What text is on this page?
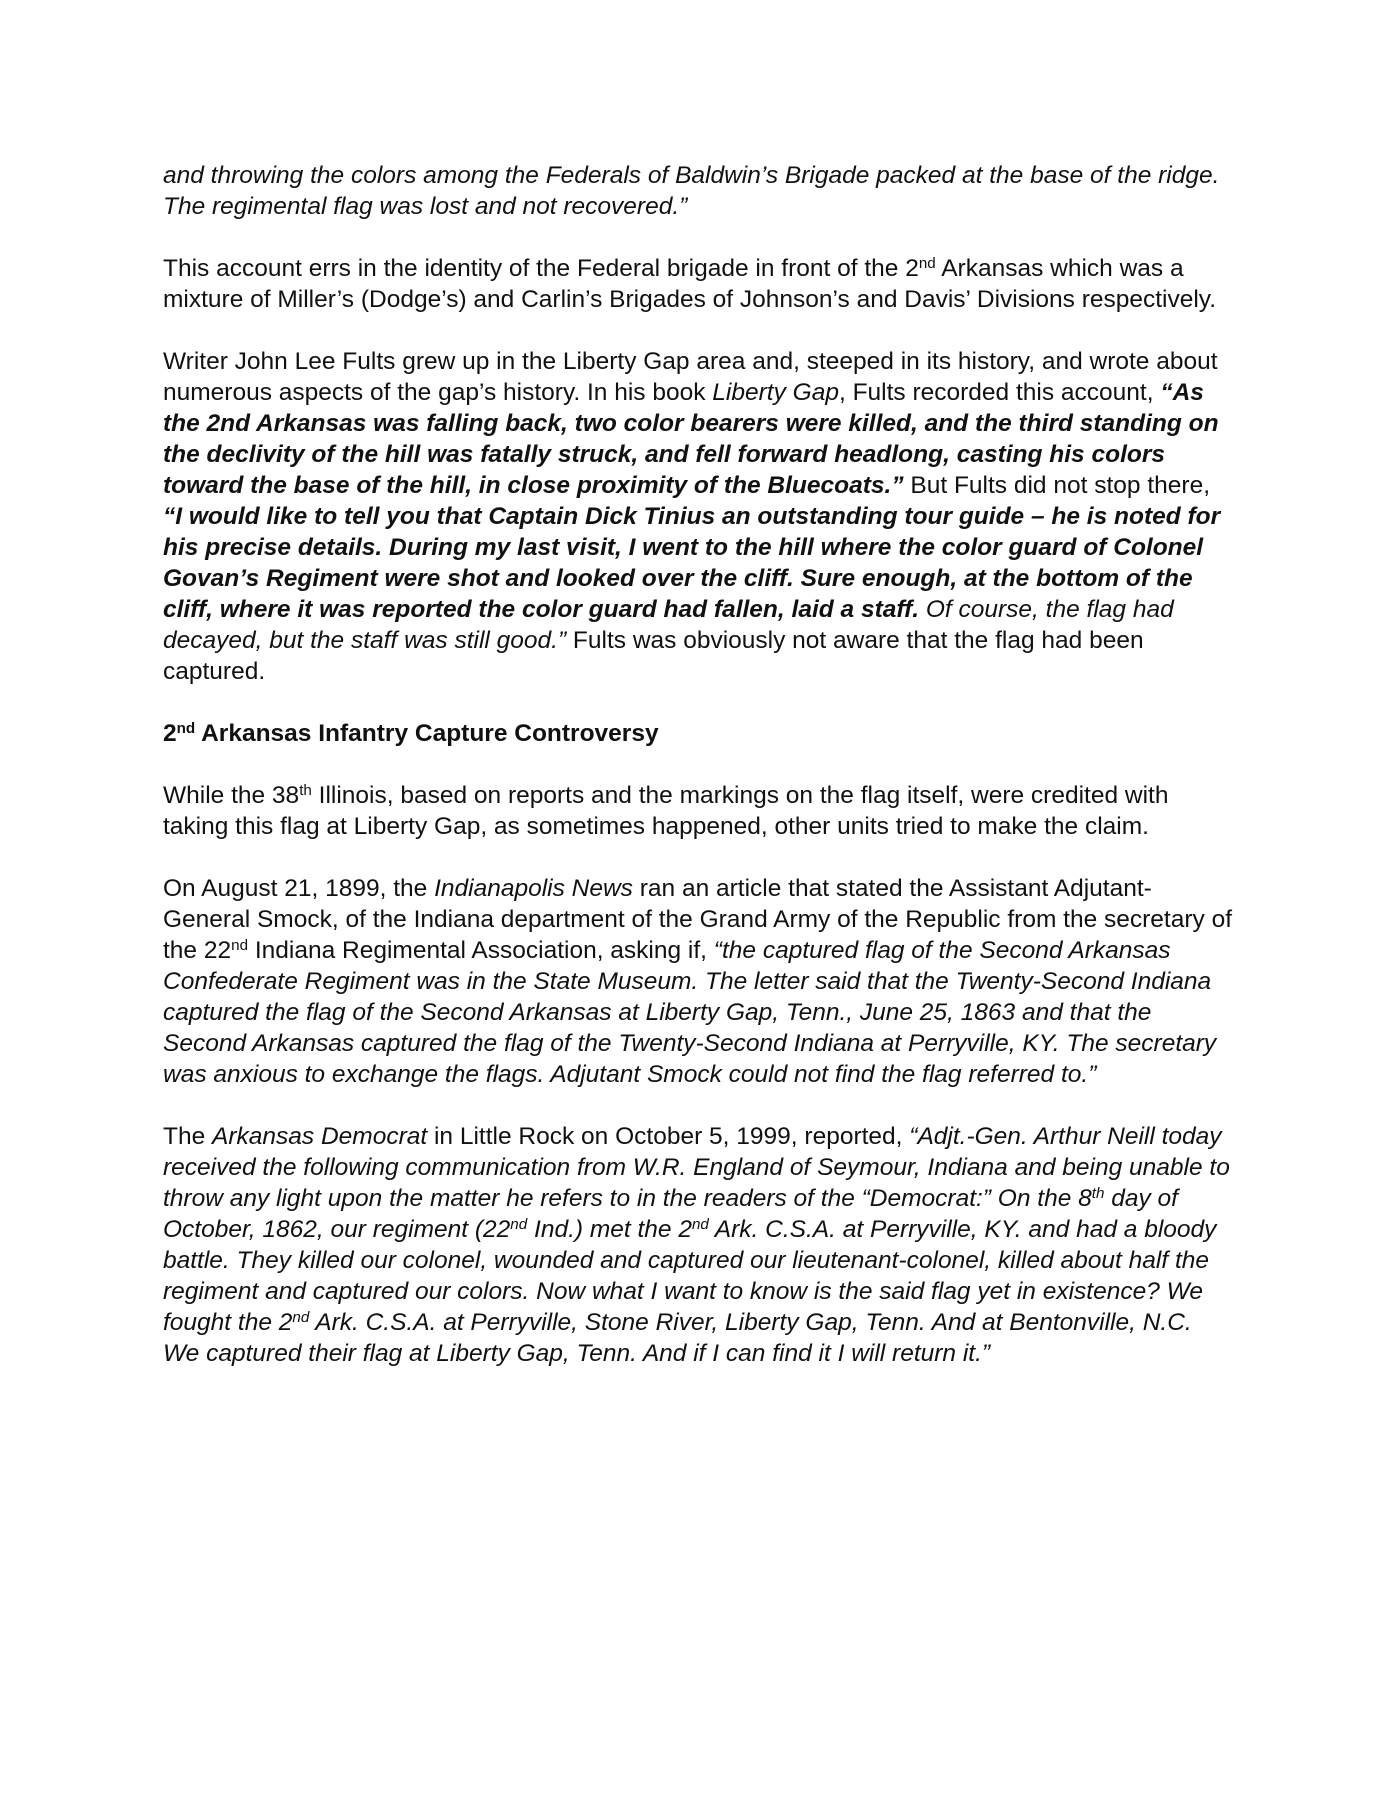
and throwing the colors among the Federals of Baldwin’s Brigade packed at the base of the ridge. The regimental flag was lost and not recovered.”

This account errs in the identity of the Federal brigade in front of the 2nd Arkansas which was a mixture of Miller’s (Dodge’s) and Carlin’s Brigades of Johnson’s and Davis’ Divisions respectively.

Writer John Lee Fults grew up in the Liberty Gap area and, steeped in its history, and wrote about numerous aspects of the gap’s history. In his book Liberty Gap, Fults recorded this account, “As the 2nd Arkansas was falling back, two color bearers were killed, and the third standing on the declivity of the hill was fatally struck, and fell forward headlong, casting his colors toward the base of the hill, in close proximity of the Bluecoats.” But Fults did not stop there, “I would like to tell you that Captain Dick Tinius an outstanding tour guide – he is noted for his precise details. During my last visit, I went to the hill where the color guard of Colonel Govan’s Regiment were shot and looked over the cliff. Sure enough, at the bottom of the cliff, where it was reported the color guard had fallen, laid a staff. Of course, the flag had decayed, but the staff was still good.” Fults was obviously not aware that the flag had been captured.

2nd Arkansas Infantry Capture Controversy

While the 38th Illinois, based on reports and the markings on the flag itself, were credited with taking this flag at Liberty Gap, as sometimes happened, other units tried to make the claim.

On August 21, 1899, the Indianapolis News ran an article that stated the Assistant Adjutant-General Smock, of the Indiana department of the Grand Army of the Republic from the secretary of the 22nd Indiana Regimental Association, asking if, “the captured flag of the Second Arkansas Confederate Regiment was in the State Museum. The letter said that the Twenty-Second Indiana captured the flag of the Second Arkansas at Liberty Gap, Tenn., June 25, 1863 and that the Second Arkansas captured the flag of the Twenty-Second Indiana at Perryville, KY. The secretary was anxious to exchange the flags. Adjutant Smock could not find the flag referred to.”

The Arkansas Democrat in Little Rock on October 5, 1999, reported, “Adjt.-Gen. Arthur Neill today received the following communication from W.R. England of Seymour, Indiana and being unable to throw any light upon the matter he refers to in the readers of the “Democrat:” On the 8th day of October, 1862, our regiment (22nd Ind.) met the 2nd Ark. C.S.A. at Perryville, KY. and had a bloody battle. They killed our colonel, wounded and captured our lieutenant-colonel, killed about half the regiment and captured our colors. Now what I want to know is the said flag yet in existence? We fought the 2nd Ark. C.S.A. at Perryville, Stone River, Liberty Gap, Tenn. And at Bentonville, N.C. We captured their flag at Liberty Gap, Tenn. And if I can find it I will return it.”
